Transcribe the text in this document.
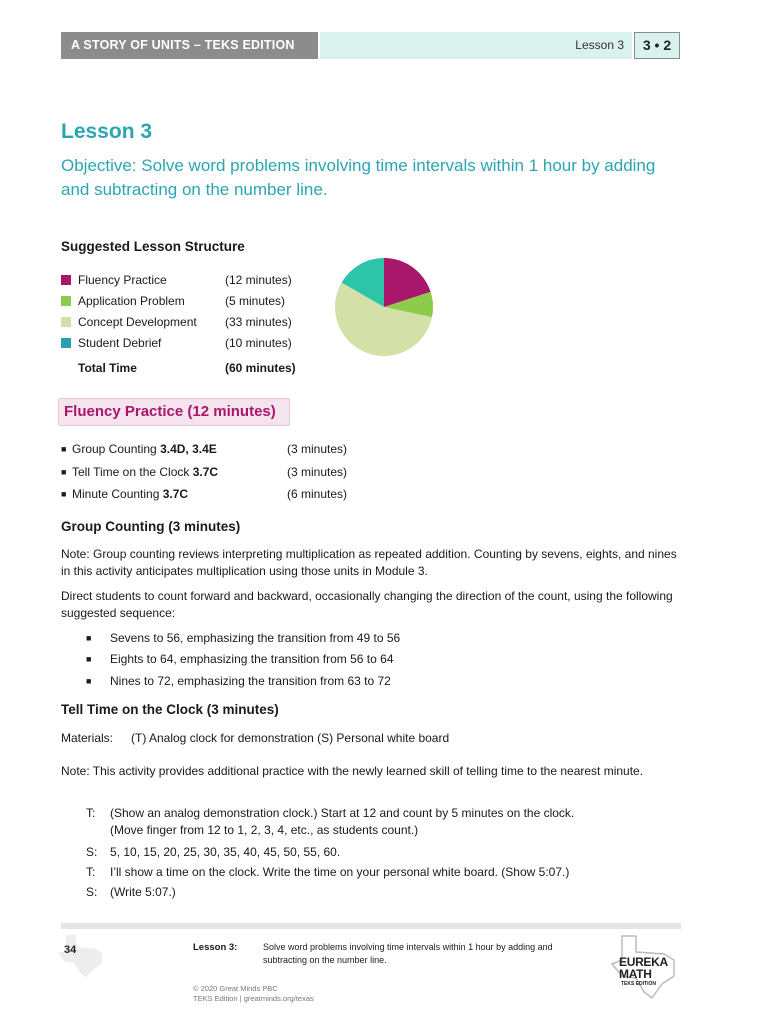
A STORY OF UNITS – TEKS EDITION	Lesson 3	3 • 2
Lesson 3
Objective: Solve word problems involving time intervals within 1 hour by adding and subtracting on the number line.
Suggested Lesson Structure
Fluency Practice	(12 minutes)
Application Problem	(5 minutes)
Concept Development (33 minutes)
Student Debrief	(10 minutes)
Total Time	(60 minutes)
Fluency Practice (12 minutes)
■ Group Counting 3.4D, 3.4E	(3 minutes)
■ Tell Time on the Clock 3.7C	(3 minutes)
■ Minute Counting 3.7C	(6 minutes)
Group Counting (3 minutes)
Note: Group counting reviews interpreting multiplication as repeated addition. Counting by sevens, eights, and nines in this activity anticipates multiplication using those units in Module 3.
Direct students to count forward and backward, occasionally changing the direction of the count, using the following suggested sequence:
■ Sevens to 56, emphasizing the transition from 49 to 56
■ Eights to 64, emphasizing the transition from 56 to 64
■ Nines to 72, emphasizing the transition from 63 to 72
Tell Time on the Clock (3 minutes)
Materials: (T) Analog clock for demonstration (S) Personal white board
Note: This activity provides additional practice with the newly learned skill of telling time to the nearest minute.
T: (Show an analog demonstration clock.) Start at 12 and count by 5 minutes on the clock.
(Move finger from 12 to 1, 2, 3, 4, etc., as students count.)
S: 5, 10, 15, 20, 25, 30, 35, 40, 45, 50, 55, 60.
T: I’ll show a time on the clock. Write the time on your personal white board. (Show 5:07.)
S: (Write 5:07.)
34	Lesson 3:	Solve word problems involving time intervals within 1 hour by adding and subtracting on the number line.
© 2020 Great Minds PBC
TEKS Edition | greatminds.org/texas
EUREKA
MATH
TEKS EDITION
